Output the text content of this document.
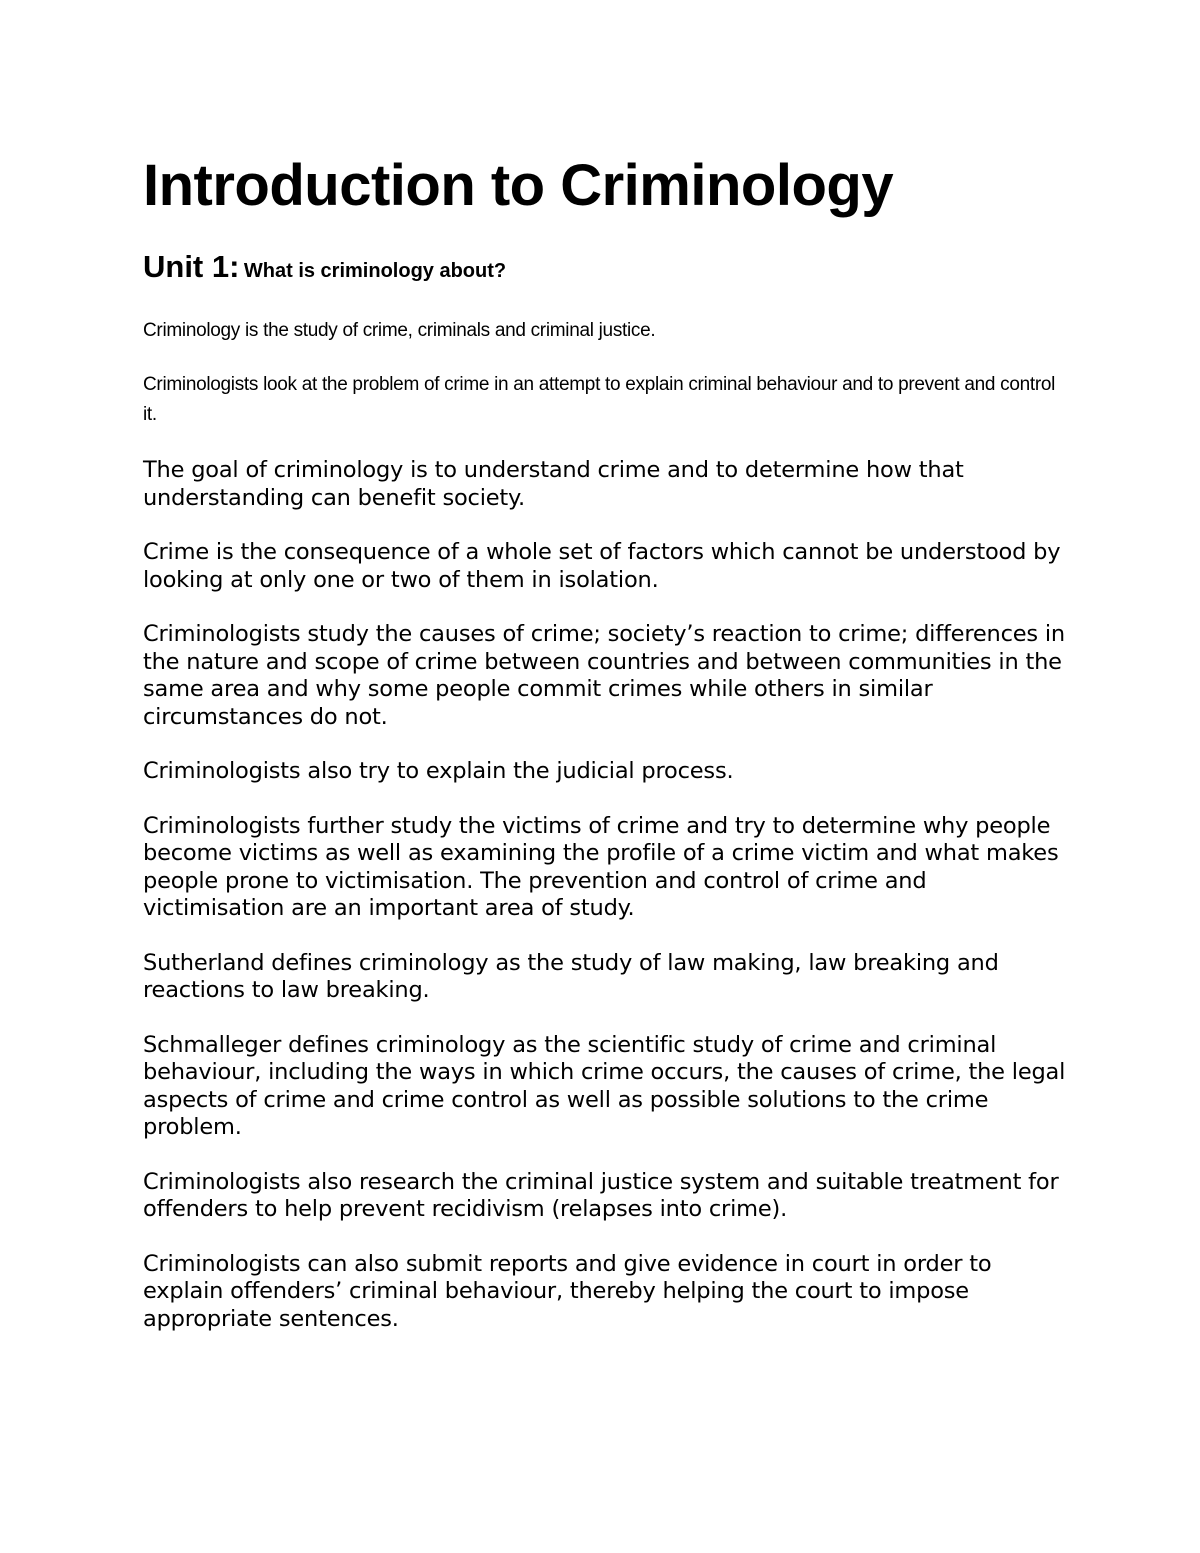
Introduction to Criminology
Unit 1: What is criminology about?

Criminology is the study of crime, criminals and criminal justice.

Criminologists look at the problem of crime in an attempt to explain criminal behaviour and to prevent and control it.

The goal of criminology is to understand crime and to determine how that understanding can benefit society.

Crime is the consequence of a whole set of factors which cannot be understood by looking at only one or two of them in isolation.

Criminologists study the causes of crime; society’s reaction to crime; differences in the nature and scope of crime between countries and between communities in the same area and why some people commit crimes while others in similar circumstances do not.

Criminologists also try to explain the judicial process.

Criminologists further study the victims of crime and try to determine why people become victims as well as examining the profile of a crime victim and what makes people prone to victimisation. The prevention and control of crime and victimisation are an important area of study.

Sutherland defines criminology as the study of law making, law breaking and reactions to law breaking.

Schmalleger defines criminology as the scientific study of crime and criminal behaviour, including the ways in which crime occurs, the causes of crime, the legal aspects of crime and crime control as well as possible solutions to the crime problem.

Criminologists also research the criminal justice system and suitable treatment for offenders to help prevent recidivism (relapses into crime).

Criminologists can also submit reports and give evidence in court in order to explain offenders’ criminal behaviour, thereby helping the court to impose appropriate sentences.
